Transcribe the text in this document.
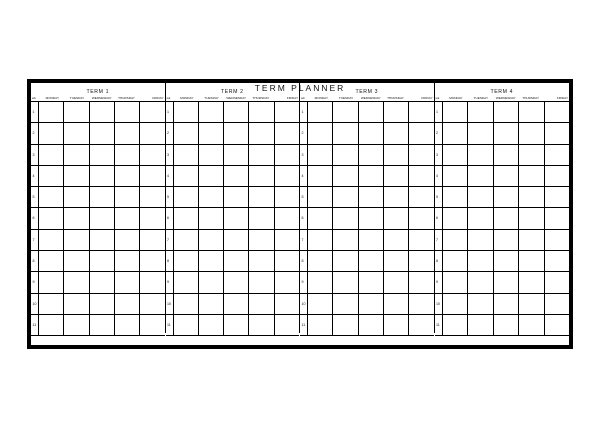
TERM PLANNER
TERM 1
wk	MONDAY	TUESDAY	WEDNESDAY	THURSDAY	FRIDAY
1
2
3
4
5
6
7
8
9
10
11
TERM 2
wk	MONDAY	TUESDAY	WEDNESDAY	THURSDAY	FRIDAY
1
2
3
4
5
6
7
8
9
10
11
TERM 3
wk	MONDAY	TUESDAY	WEDNESDAY	THURSDAY	FRIDAY
1
2
3
4
5
6
7
8
9
10
11
TERM 4
wk	MONDAY	TUESDAY	WEDNESDAY	THURSDAY	FRIDAY
1
2
3
4
5
6
7
8
9
10
11
